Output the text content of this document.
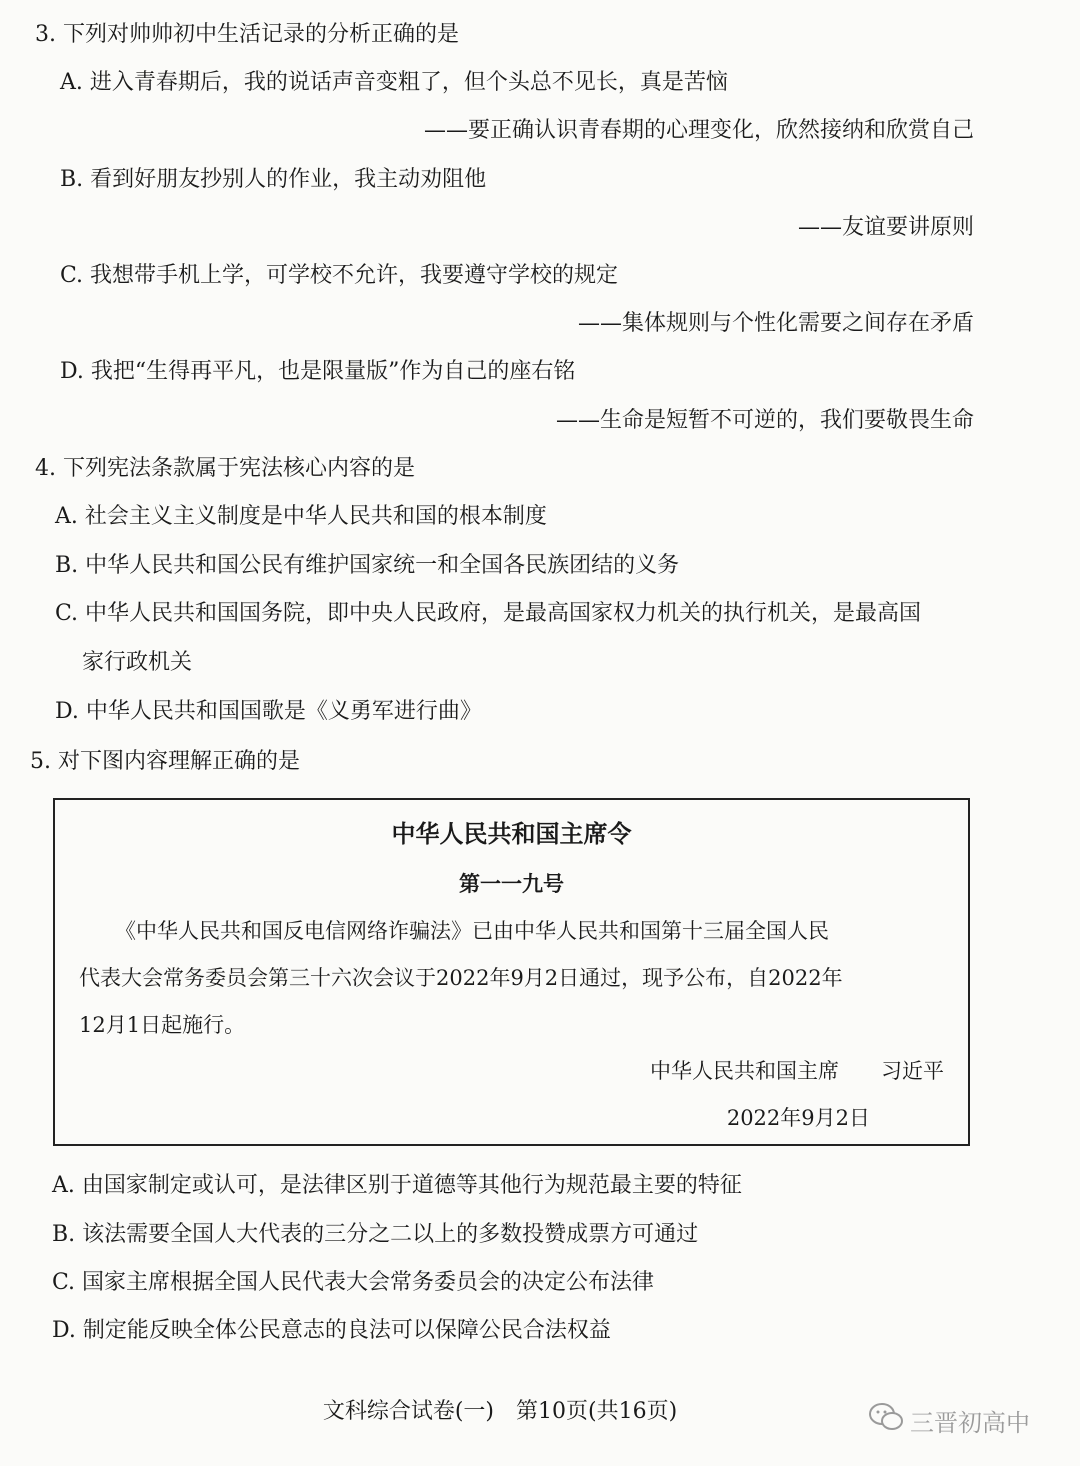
3. 下列对帅帅初中生活记录的分析正确的是
A. 进入青春期后，我的说话声音变粗了，但个头总不见长，真是苦恼
——要正确认识青春期的心理变化，欣然接纳和欣赏自己
B. 看到好朋友抄别人的作业，我主动劝阻他
——友谊要讲原则
C. 我想带手机上学，可学校不允许，我要遵守学校的规定
——集体规则与个性化需要之间存在矛盾
D. 我把“生得再平凡，也是限量版”作为自己的座右铭
——生命是短暂不可逆的，我们要敬畏生命
4. 下列宪法条款属于宪法核心内容的是
A. 社会主义主义制度是中华人民共和国的根本制度
B. 中华人民共和国公民有维护国家统一和全国各民族团结的义务
C. 中华人民共和国国务院，即中央人民政府，是最高国家权力机关的执行机关，是最高国
家行政机关
D. 中华人民共和国国歌是《义勇军进行曲》
5. 对下图内容理解正确的是
中华人民共和国主席令
第一一九号
《中华人民共和国反电信网络诈骗法》已由中华人民共和国第十三届全国人民
代表大会常务委员会第三十六次会议于2022年9月2日通过，现予公布，自2022年
12月1日起施行。
中华人民共和国主席　　习近平
2022年9月2日
A. 由国家制定或认可，是法律区别于道德等其他行为规范最主要的特征
B. 该法需要全国人大代表的三分之二以上的多数投赞成票方可通过
C. 国家主席根据全国人民代表大会常务委员会的决定公布法律
D. 制定能反映全体公民意志的良法可以保障公民合法权益
文科综合试卷(一)　第10页(共16页)	三晋初高中
